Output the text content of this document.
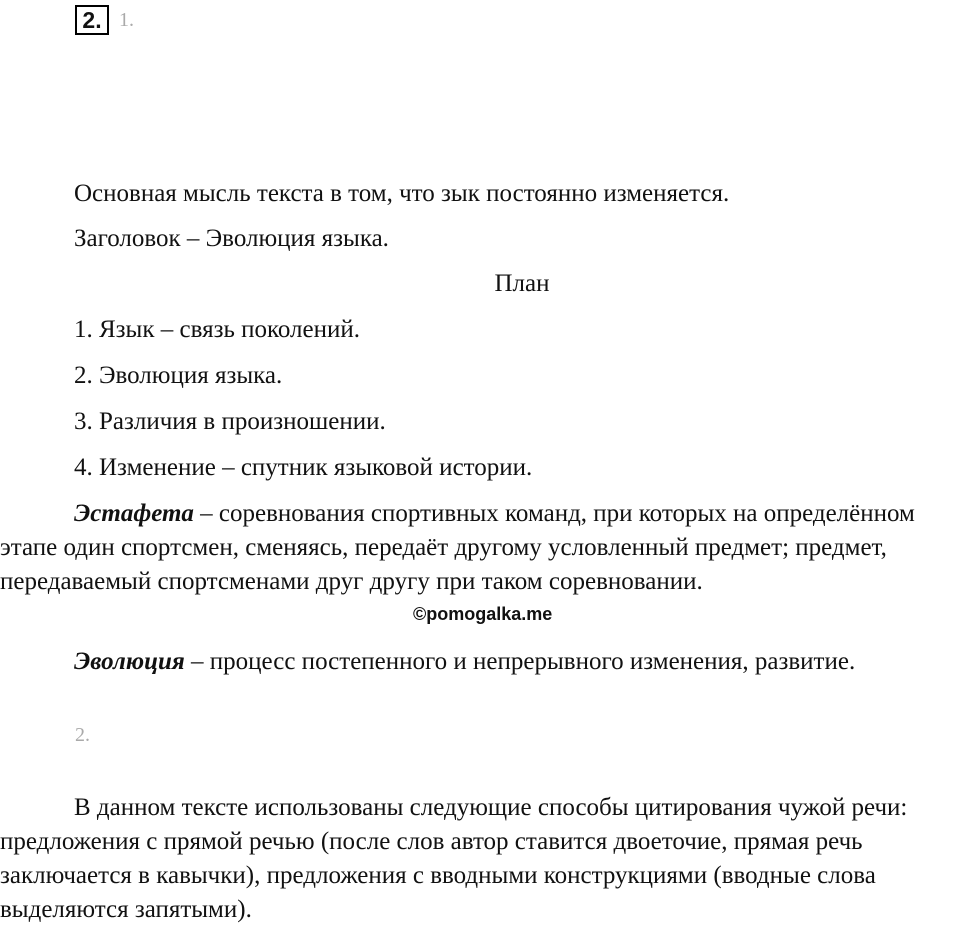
2. 1.
Основная мысль текста в том, что зык постоянно изменяется.
Заголовок – Эволюция языка.
План
1. Язык – связь поколений.
2. Эволюция языка.
3. Различия в произношении.
4. Изменение – спутник языковой истории.
Эстафета – соревнования спортивных команд, при которых на определённом этапе один спортсмен, сменяясь, передаёт другому условленный предмет; предмет, передаваемый спортсменами друг другу при таком соревновании.
©pomogalka.me
Эволюция – процесс постепенного и непрерывного изменения, развитие.
2.
В данном тексте использованы следующие способы цитирования чужой речи: предложения с прямой речью (после слов автор ставится двоеточие, прямая речь заключается в кавычки), предложения с вводными конструкциями (вводные слова выделяются запятыми).
